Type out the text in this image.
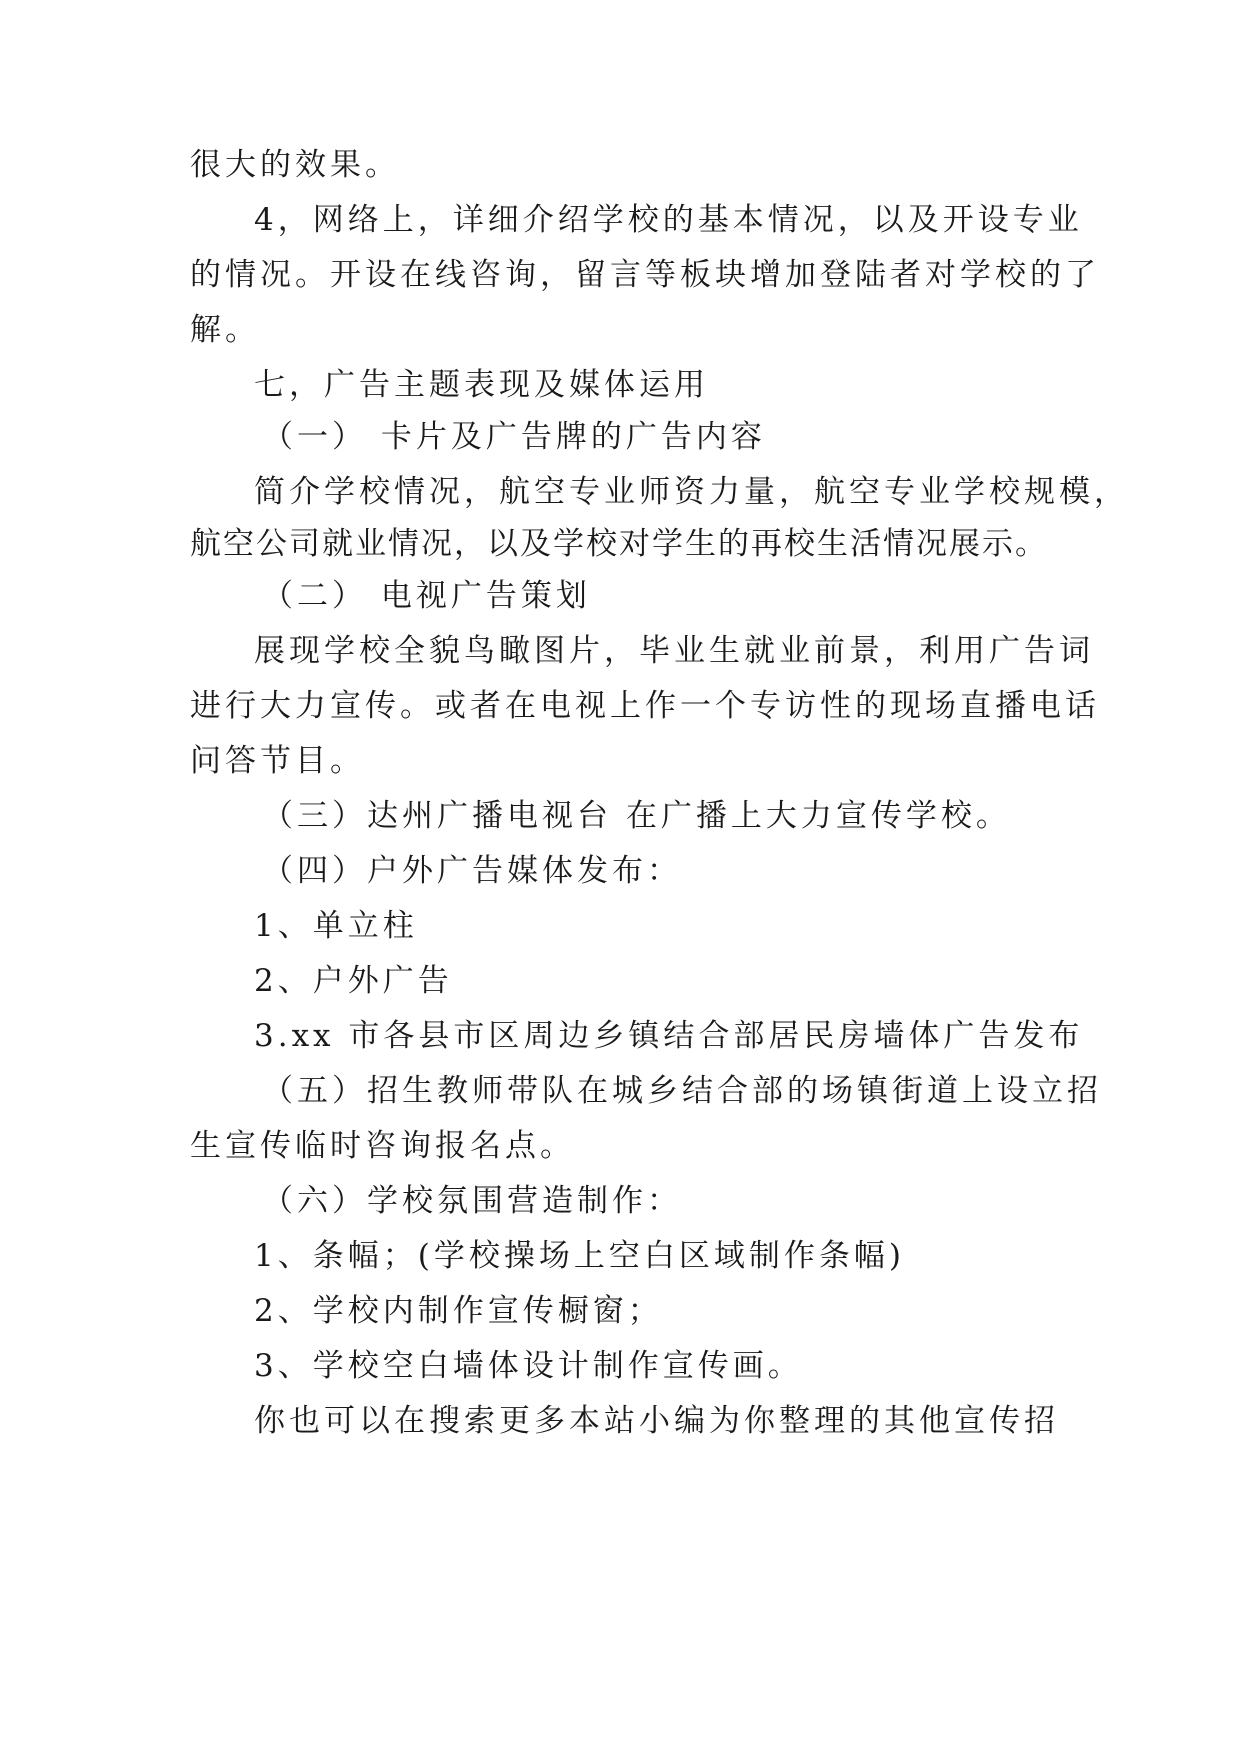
很大的效果。
4，网络上，详细介绍学校的基本情况，以及开设专业
的情况。开设在线咨询，留言等板块增加登陆者对学校的了
解。
七，广告主题表现及媒体运用
（一） 卡片及广告牌的广告内容
简介学校情况，航空专业师资力量，航空专业学校规模，
航空公司就业情况，以及学校对学生的再校生活情况展示。
（二） 电视广告策划
展现学校全貌鸟瞰图片，毕业生就业前景，利用广告词
进行大力宣传。或者在电视上作一个专访性的现场直播电话
问答节目。
（三）达州广播电视台 在广播上大力宣传学校。
（四）户外广告媒体发布：
1、单立柱
2、户外广告
3.xx 市各县市区周边乡镇结合部居民房墙体广告发布
（五）招生教师带队在城乡结合部的场镇街道上设立招
生宣传临时咨询报名点。
（六）学校氛围营造制作：
1、条幅；(学校操场上空白区域制作条幅)
2、学校内制作宣传橱窗；
3、学校空白墙体设计制作宣传画。
你也可以在搜索更多本站小编为你整理的其他宣传招
